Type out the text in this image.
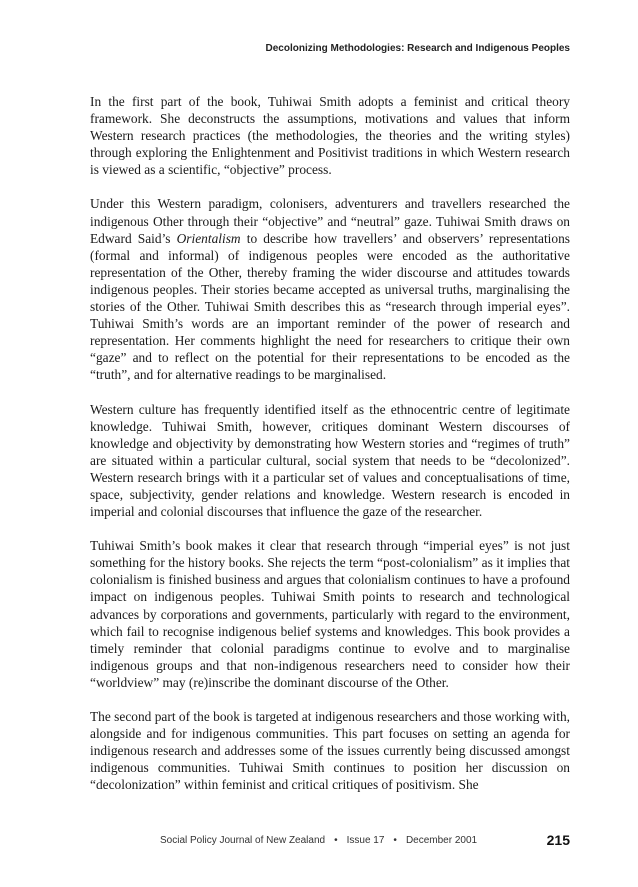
Decolonizing Methodologies: Research and Indigenous Peoples

In the first part of the book, Tuhiwai Smith adopts a feminist and critical theory framework. She deconstructs the assumptions, motivations and values that inform Western research practices (the methodologies, the theories and the writing styles) through exploring the Enlightenment and Positivist traditions in which Western research is viewed as a scientific, “objective” process.

Under this Western paradigm, colonisers, adventurers and travellers researched the indigenous Other through their “objective” and “neutral” gaze. Tuhiwai Smith draws on Edward Said’s Orientalism to describe how travellers’ and observers’ representations (formal and informal) of indigenous peoples were encoded as the authoritative representation of the Other, thereby framing the wider discourse and attitudes towards indigenous peoples. Their stories became accepted as universal truths, marginalising the stories of the Other. Tuhiwai Smith describes this as “research through imperial eyes”. Tuhiwai Smith’s words are an important reminder of the power of research and representation. Her comments highlight the need for researchers to critique their own “gaze” and to reflect on the potential for their representations to be encoded as the “truth”, and for alternative readings to be marginalised.

Western culture has frequently identified itself as the ethnocentric centre of legitimate knowledge. Tuhiwai Smith, however, critiques dominant Western discourses of knowledge and objectivity by demonstrating how Western stories and “regimes of truth” are situated within a particular cultural, social system that needs to be “decolonized”. Western research brings with it a particular set of values and conceptualisations of time, space, subjectivity, gender relations and knowledge. Western research is encoded in imperial and colonial discourses that influence the gaze of the researcher.

Tuhiwai Smith’s book makes it clear that research through “imperial eyes” is not just something for the history books. She rejects the term “post-colonialism” as it implies that colonialism is finished business and argues that colonialism continues to have a profound impact on indigenous peoples. Tuhiwai Smith points to research and technological advances by corporations and governments, particularly with regard to the environment, which fail to recognise indigenous belief systems and knowledges. This book provides a timely reminder that colonial paradigms continue to evolve and to marginalise indigenous groups and that non-indigenous researchers need to consider how their “worldview” may (re)inscribe the dominant discourse of the Other.

The second part of the book is targeted at indigenous researchers and those working with, alongside and for indigenous communities. This part focuses on setting an agenda for indigenous research and addresses some of the issues currently being discussed amongst indigenous communities. Tuhiwai Smith continues to position her discussion on “decolonization” within feminist and critical critiques of positivism. She

Social Policy Journal of New Zealand • Issue 17 • December 2001	215
